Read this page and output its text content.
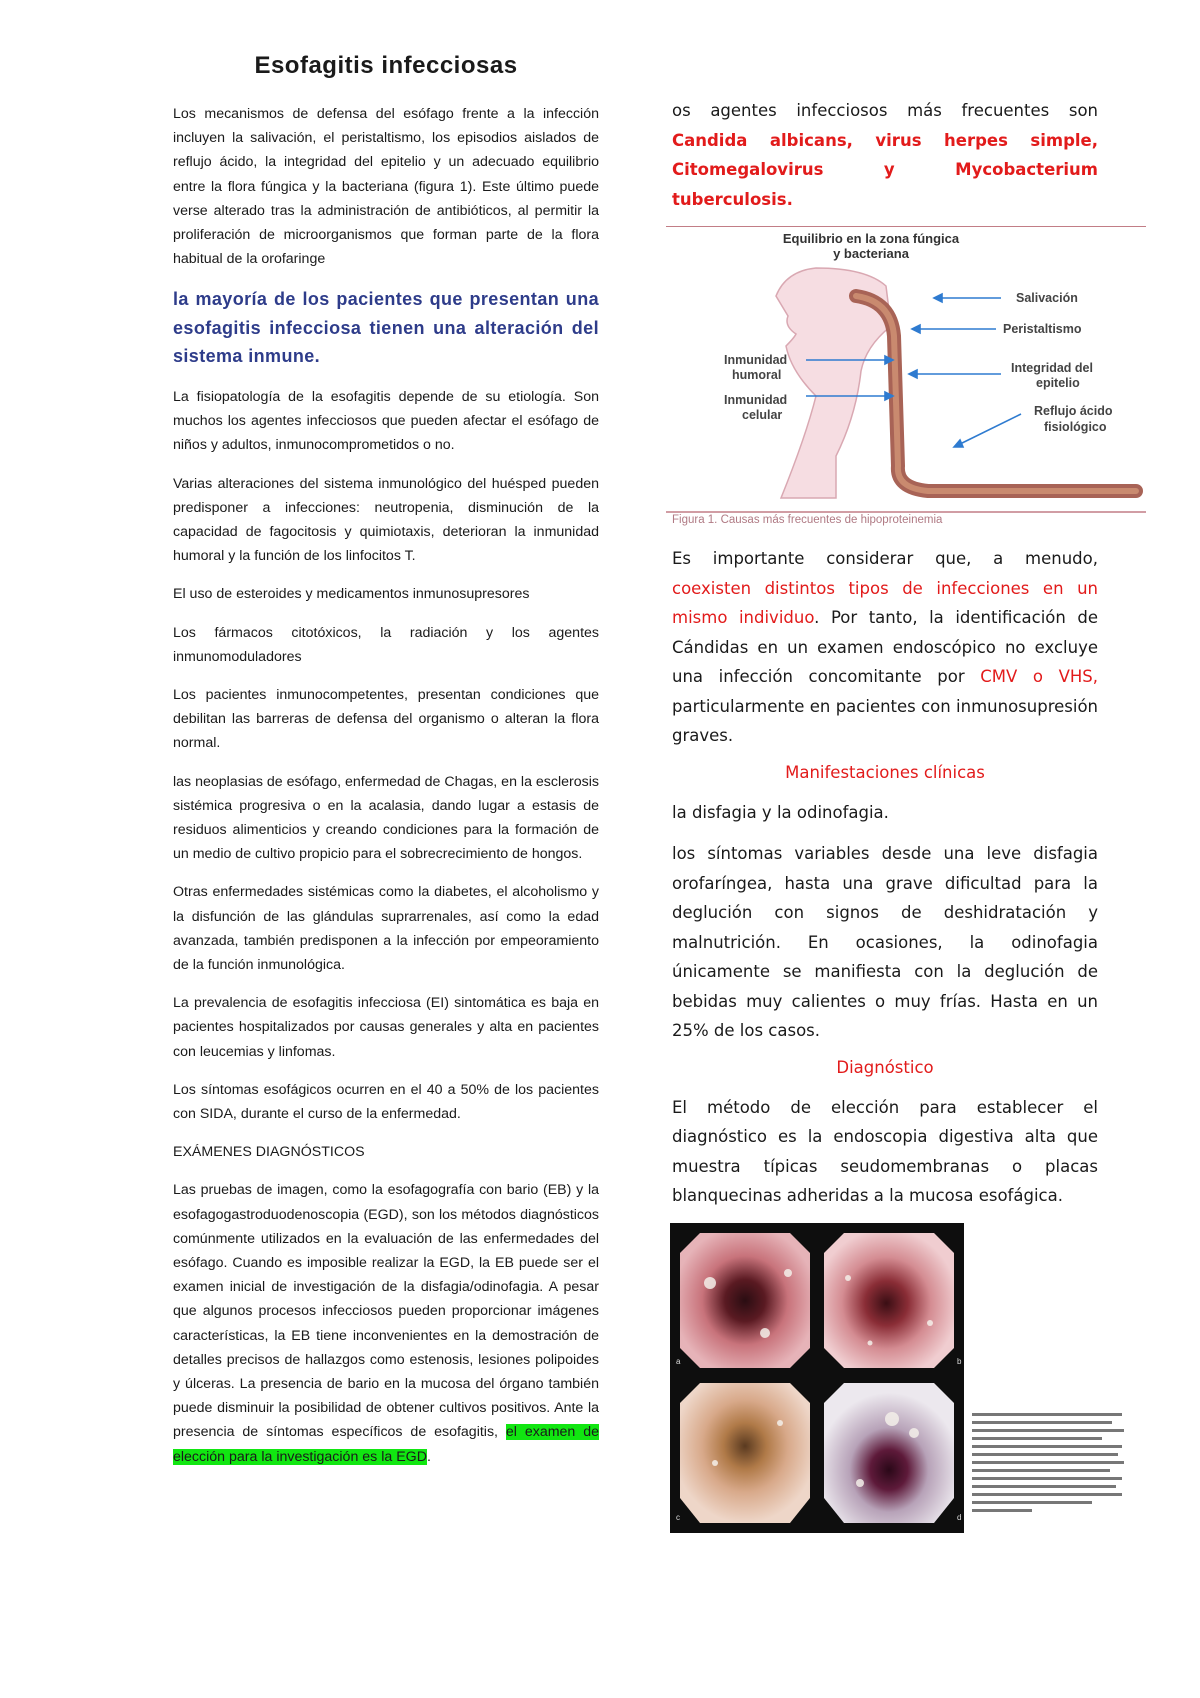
Esofagitis infecciosas

Los mecanismos de defensa del esófago frente a la infección incluyen la salivación, el peristaltismo, los episodios aislados de reflujo ácido, la integridad del epitelio y un adecuado equilibrio entre la flora fúngica y la bacteriana (figura 1). Este último puede verse alterado tras la administración de antibióticos, al permitir la proliferación de microorganismos que forman parte de la flora habitual de la orofaringe

la mayoría de los pacientes que presentan una esofagitis infecciosa tienen una alteración del sistema inmune.

La fisiopatología de la esofagitis depende de su etiología. Son muchos los agentes infecciosos que pueden afectar el esófago de niños y adultos, inmunocomprometidos o no.

Varias alteraciones del sistema inmunológico del huésped pueden predisponer a infecciones: neutropenia, disminución de la capacidad de fagocitosis y quimiotaxis, deterioran la inmunidad humoral y la función de los linfocitos T.

El uso de esteroides y medicamentos inmunosupresores

Los fármacos citotóxicos, la radiación y los agentes inmunomoduladores

Los pacientes inmunocompetentes, presentan condiciones que debilitan las barreras de defensa del organismo o alteran la flora normal.

las neoplasias de esófago, enfermedad de Chagas, en la esclerosis sistémica progresiva o en la acalasia, dando lugar a estasis de residuos alimenticios y creando condiciones para la formación de un medio de cultivo propicio para el sobrecrecimiento de hongos.

Otras enfermedades sistémicas como la diabetes, el alcoholismo y la disfunción de las glándulas suprarrenales, así como la edad avanzada, también predisponen a la infección por empeoramiento de la función inmunológica.

La prevalencia de esofagitis infecciosa (EI) sintomática es baja en pacientes hospitalizados por causas generales y alta en pacientes con leucemias y linfomas.

Los síntomas esofágicos ocurren en el 40 a 50% de los pacientes con SIDA, durante el curso de la enfermedad.

EXÁMENES DIAGNÓSTICOS

Las pruebas de imagen, como la esofagografía con bario (EB) y la esofagogastroduodenoscopia (EGD), son los métodos diagnósticos comúnmente utilizados en la evaluación de las enfermedades del esófago. Cuando es imposible realizar la EGD, la EB puede ser el examen inicial de investigación de la disfagia/odinofagia. A pesar que algunos procesos infecciosos pueden proporcionar imágenes características, la EB tiene inconvenientes en la demostración de detalles precisos de hallazgos como estenosis, lesiones polipoides y úlceras. La presencia de bario en la mucosa del órgano también puede disminuir la posibilidad de obtener cultivos positivos. Ante la presencia de síntomas específicos de esofagitis, el examen de elección para la investigación es la EGD.

os agentes infecciosos más frecuentes son Candida albicans, virus herpes simple, Citomegalovirus y Mycobacterium tuberculosis.

Equilibrio en la zona fúngica
y bacteriana
Salivación
Peristaltismo
Inmunidad
humoral	Integridad del
epitelio
Inmunidad
celular	Reflujo ácido
fisiológico
Figura 1. Causas más frecuentes de hipoproteinemia

Es importante considerar que, a menudo, coexisten distintos tipos de infecciones en un mismo individuo. Por tanto, la identificación de Cándidas en un examen endoscópico no excluye una infección concomitante por CMV o VHS, particularmente en pacientes con inmunosupresión graves.

Manifestaciones clínicas

la disfagia y la odinofagia.

los síntomas variables desde una leve disfagia orofaríngea, hasta una grave dificultad para la deglución con signos de deshidratación y malnutrición. En ocasiones, la odinofagia únicamente se manifiesta con la deglución de bebidas muy calientes o muy frías. Hasta en un 25% de los casos.

Diagnóstico

El método de elección para establecer el diagnóstico es la endoscopia digestiva alta que muestra típicas seudomembranas o placas blanquecinas adheridas a la mucosa esofágica.

a	b
c	d
